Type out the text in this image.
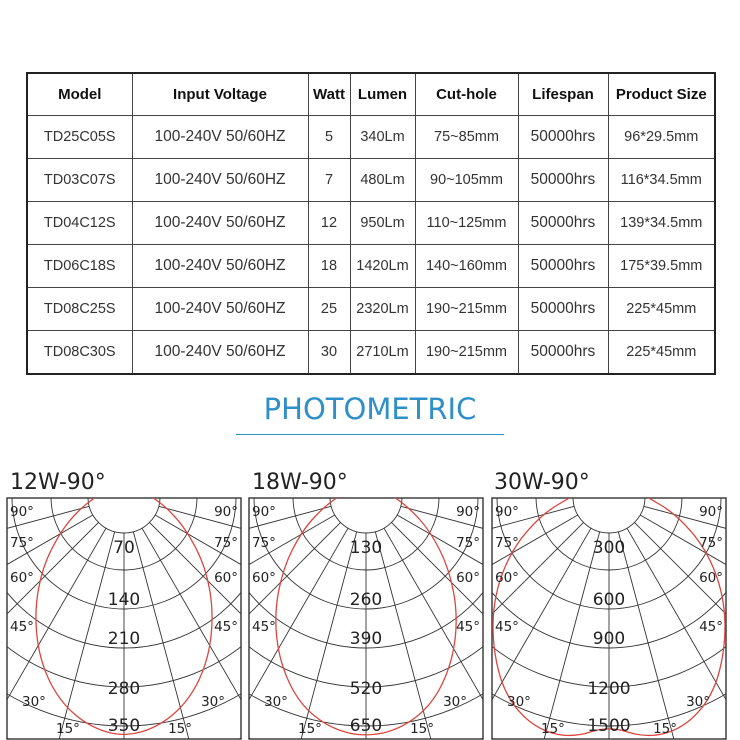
Model	Input Voltage	Watt	Lumen	Cut-hole	Lifespan	Product Size
TD25C05S	100-240V 50/60HZ	5	340Lm	75~85mm	50000hrs	96*29.5mm
TD03C07S	100-240V 50/60HZ	7	480Lm	90~105mm	50000hrs	116*34.5mm
TD04C12S	100-240V 50/60HZ	12	950Lm	110~125mm	50000hrs	139*34.5mm
TD06C18S	100-240V 50/60HZ	18	1420Lm	140~160mm	50000hrs	175*39.5mm
TD08C25S	100-240V 50/60HZ	25	2320Lm	190~215mm	50000hrs	225*45mm
TD08C30S	100-240V 50/60HZ	30	2710Lm	190~215mm	50000hrs	225*45mm
PHOTOMETRIC
12W-90°	18W-90°	30W-90°
70
140
210
280
350
90°	90°
75°	75°
60°	60°
45°	45°
30°	30°
15°	15°
130
260
390
520
650
90°	90°
75°	75°
60°	60°
45°	45°
30°	30°
15°	15°
300
600
900
1200
1500
90°	90°
75°	75°
60°	60°
45°	45°
30°	30°
15°	15°
